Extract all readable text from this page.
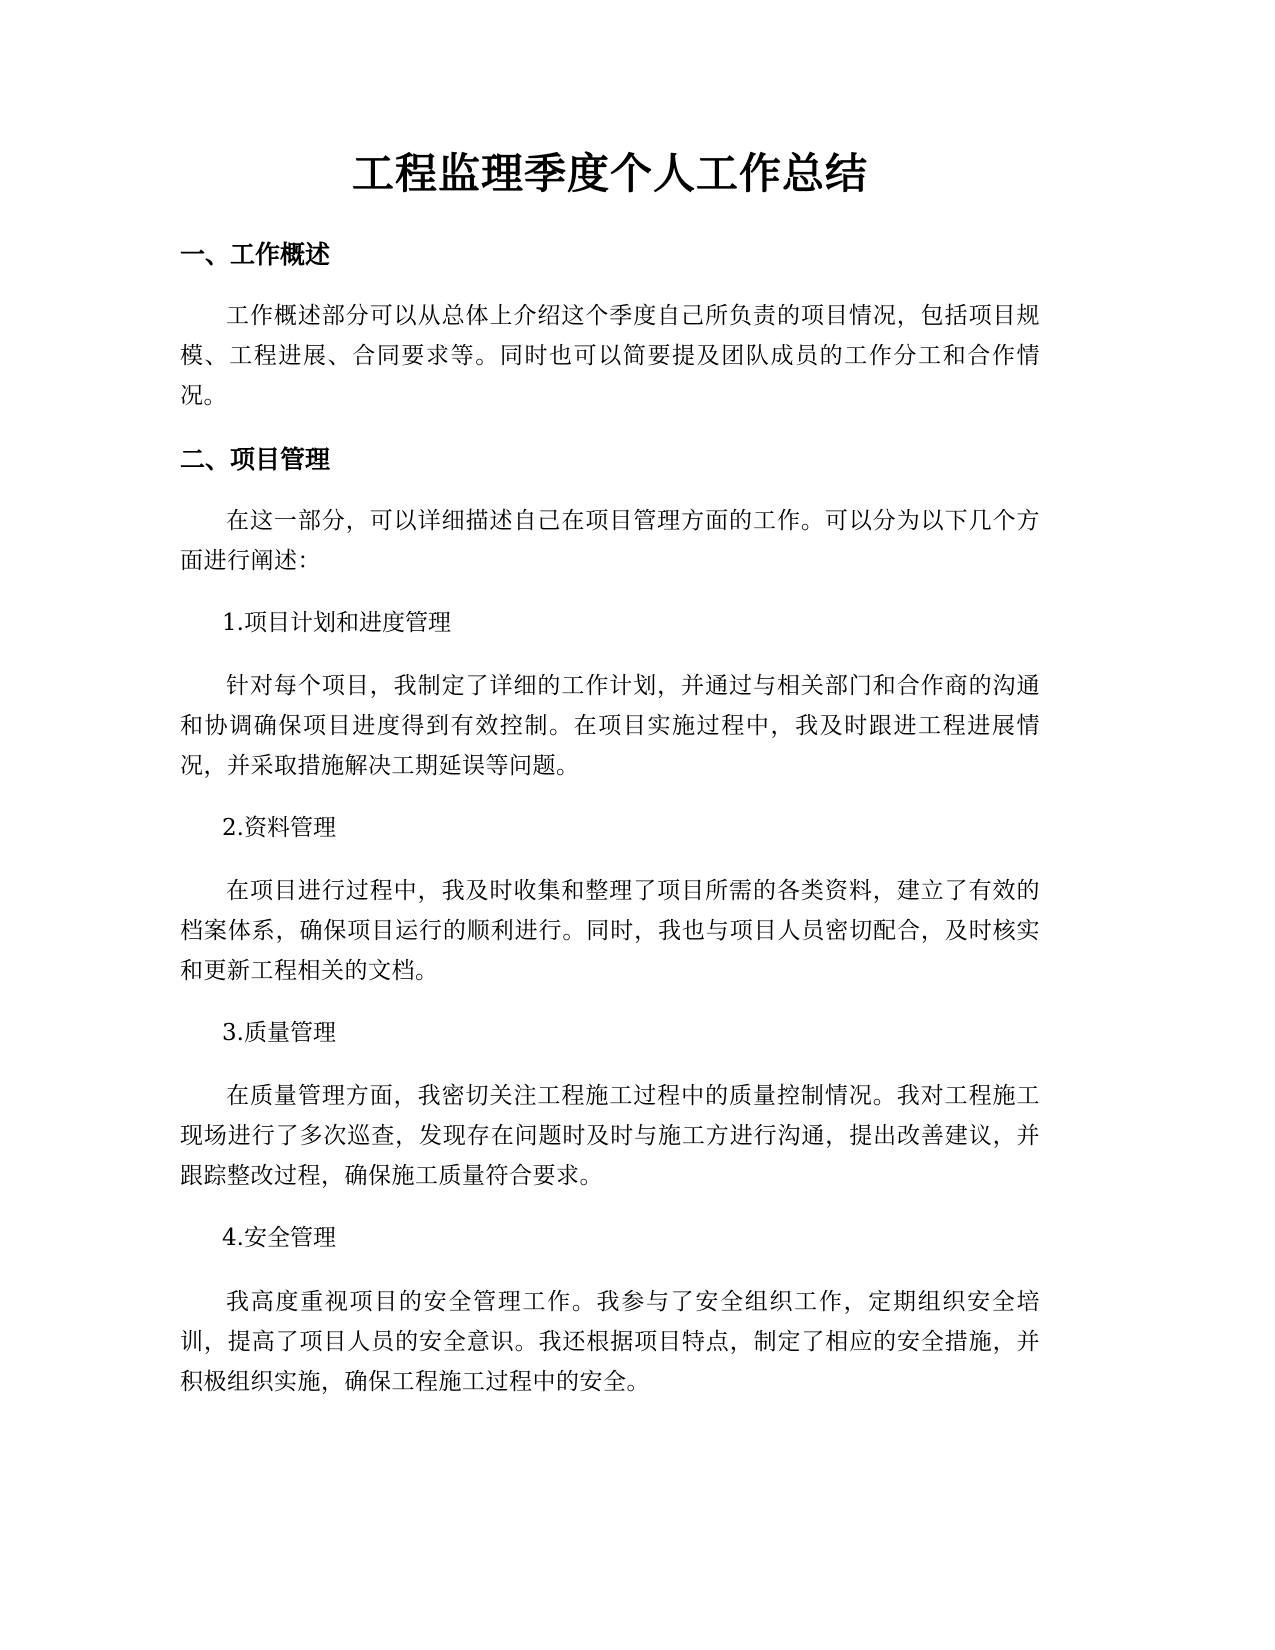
工程监理季度个人工作总结
一、工作概述

工作概述部分可以从总体上介绍这个季度自己所负责的项目情况，包括项目规模、工程进展、合同要求等。同时也可以简要提及团队成员的工作分工和合作情况。

二、项目管理

在这一部分，可以详细描述自己在项目管理方面的工作。可以分为以下几个方面进行阐述：

1.项目计划和进度管理

针对每个项目，我制定了详细的工作计划，并通过与相关部门和合作商的沟通和协调确保项目进度得到有效控制。在项目实施过程中，我及时跟进工程进展情况，并采取措施解决工期延误等问题。

2.资料管理

在项目进行过程中，我及时收集和整理了项目所需的各类资料，建立了有效的档案体系，确保项目运行的顺利进行。同时，我也与项目人员密切配合，及时核实和更新工程相关的文档。

3.质量管理

在质量管理方面，我密切关注工程施工过程中的质量控制情况。我对工程施工现场进行了多次巡查，发现存在问题时及时与施工方进行沟通，提出改善建议，并跟踪整改过程，确保施工质量符合要求。

4.安全管理

我高度重视项目的安全管理工作。我参与了安全组织工作，定期组织安全培训，提高了项目人员的安全意识。我还根据项目特点，制定了相应的安全措施，并积极组织实施，确保工程施工过程中的安全。
